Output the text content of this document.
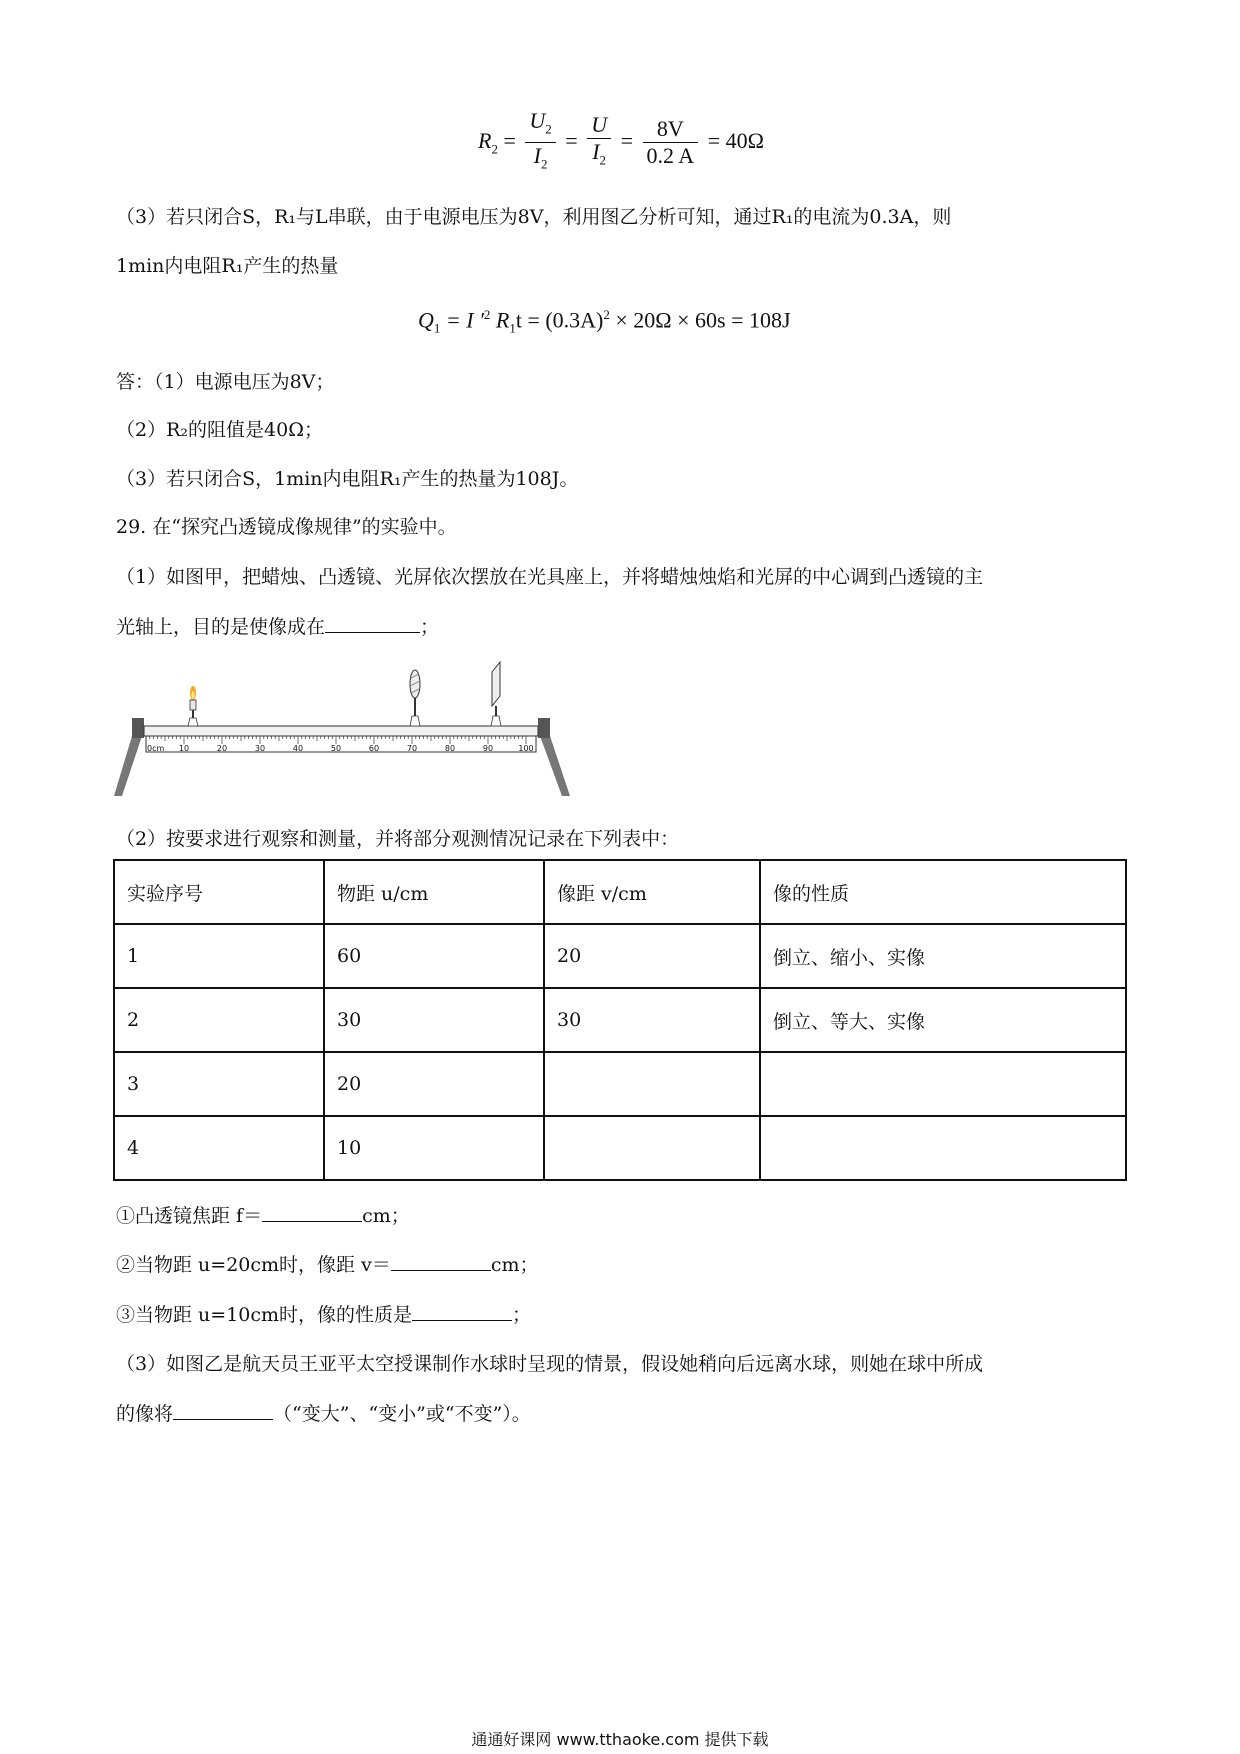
$R_2 = \frac{U_2}{I_2} = \frac{U}{I_2} = \frac{8V}{0.2 A} = 40\Omega$
（3）若只闭合S，R₁与L串联，由于电源电压为8V，利用图乙分析可知，通过R₁的电流为0.3A，则
1min内电阻R₁产生的热量
$Q_1 = I$ $'^2$ $R_1t = (0.3A)^2 \times 20\Omega \times 60s = 108J$
答：（1）电源电压为8V；
（2）R₂的阻值是40Ω；
（3）若只闭合S，1min内电阻R₁产生的热量为108J。
29. 在“探究凸透镜成像规律”的实验中。
（1）如图甲，把蜡烛、凸透镜、光屏依次摆放在光具座上，并将蜡烛烛焰和光屏的中心调到凸透镜的主
光轴上，目的是使像成在	；
0cm 10	20	30	40	50	60	70	80	90	100
（2）按要求进行观察和测量，并将部分观测情况记录在下列表中：
实验序号	物距 u/cm	像距 v/cm	像的性质
1	60	20	倒立、缩小、实像
2	30	30	倒立、等大、实像
3	20		
4	10		
①凸透镜焦距 f＝	cm；
②当物距 u=20cm时，像距 v＝	cm；
③当物距 u=10cm时，像的性质是	；
（3）如图乙是航天员王亚平太空授课制作水球时呈现的情景，假设她稍向后远离水球，则她在球中所成
的像将	（“变大”、“变小”或“不变”）。
通通好课网 www.tthaoke.com 提供下载
